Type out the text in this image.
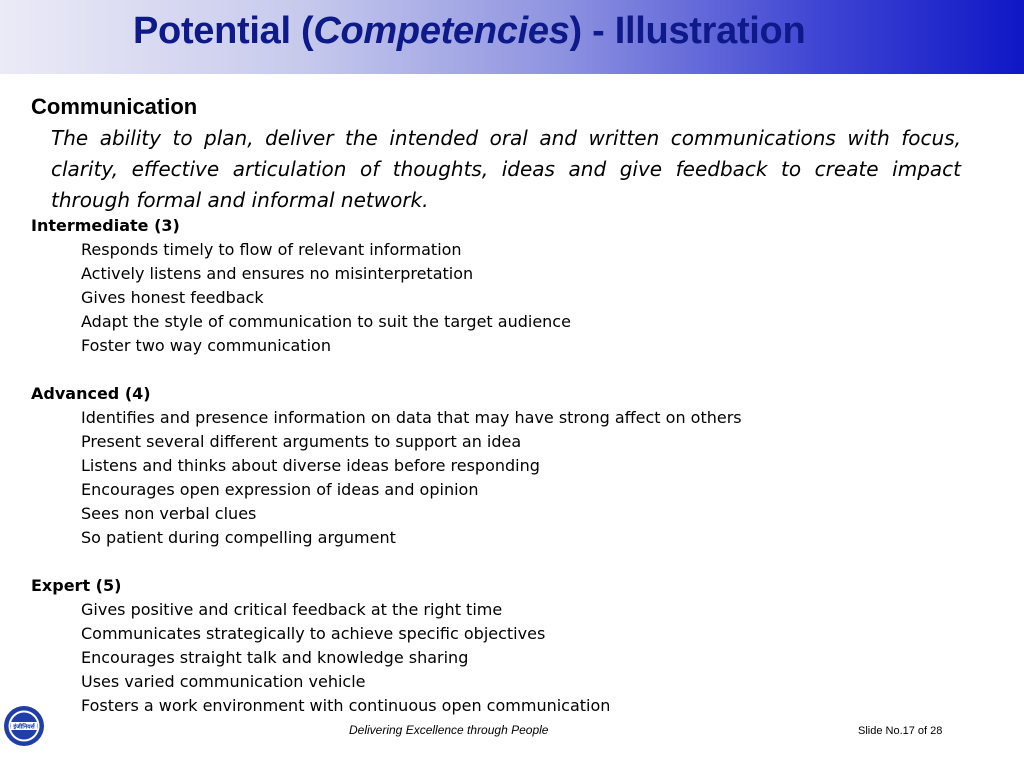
Potential (Competencies) - Illustration
Communication

The ability to plan, deliver the intended oral and written communications with focus, clarity, effective articulation of thoughts, ideas and give feedback to create impact through formal and informal network.

Intermediate (3)
Responds timely to flow of relevant information
Actively listens and ensures no misinterpretation
Gives honest feedback
Adapt the style of communication to suit the target audience
Foster two way communication
Advanced (4)
Identifies and presence information on data that may have strong affect on others
Present several different arguments to support an idea
Listens and thinks about diverse ideas before responding
Encourages open expression of ideas and opinion
Sees non verbal clues
So patient during compelling argument
Expert (5)
Gives positive and critical feedback at the right time
Communicates strategically to achieve specific objectives
Encourages straight talk and knowledge sharing
Uses varied communication vehicle
Fosters a work environment with continuous open communication
इंजीनियर्स	Delivering Excellence through People	Slide No.17 of 28
